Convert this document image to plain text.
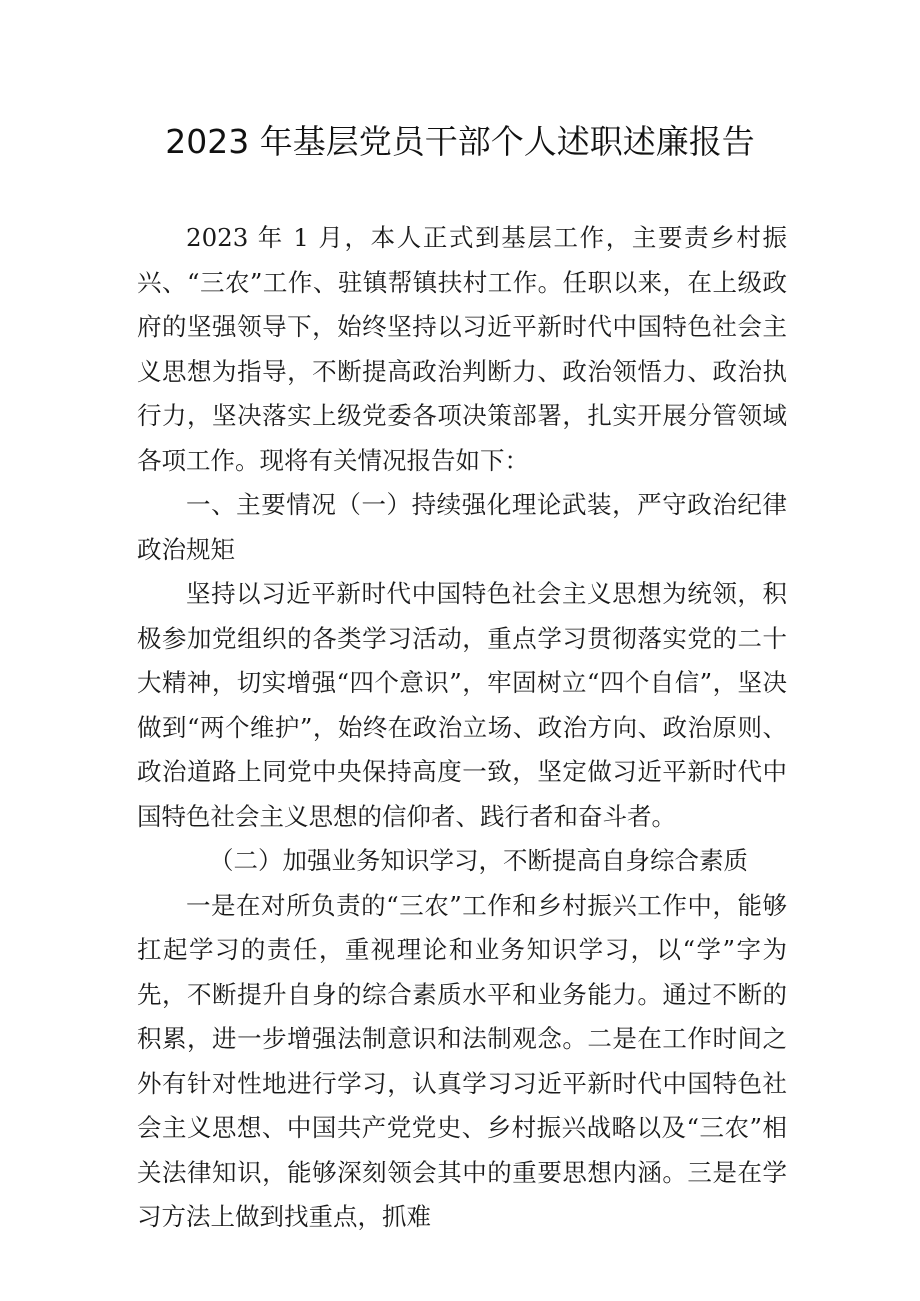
2023 年基层党员干部个人述职述廉报告

2023 年 1 月，本人正式到基层工作，主要责乡村振兴、“三农”工作、驻镇帮镇扶村工作。任职以来，在上级政府的坚强领导下，始终坚持以习近平新时代中国特色社会主义思想为指导，不断提高政治判断力、政治领悟力、政治执行力，坚决落实上级党委各项决策部署，扎实开展分管领域各项工作。现将有关情况报告如下：

一、主要情况（一）持续强化理论武装，严守政治纪律政治规矩

坚持以习近平新时代中国特色社会主义思想为统领，积极参加党组织的各类学习活动，重点学习贯彻落实党的二十大精神，切实增强“四个意识”，牢固树立“四个自信”，坚决做到“两个维护”，始终在政治立场、政治方向、政治原则、政治道路上同党中央保持高度一致，坚定做习近平新时代中国特色社会主义思想的信仰者、践行者和奋斗者。

（二）加强业务知识学习，不断提高自身综合素质

一是在对所负责的“三农”工作和乡村振兴工作中，能够扛起学习的责任，重视理论和业务知识学习，以“学”字为先，不断提升自身的综合素质水平和业务能力。通过不断的积累，进一步增强法制意识和法制观念。二是在工作时间之外有针对性地进行学习，认真学习习近平新时代中国特色社会主义思想、中国共产党党史、乡村振兴战略以及“三农”相关法律知识，能够深刻领会其中的重要思想内涵。三是在学习方法上做到找重点，抓难
